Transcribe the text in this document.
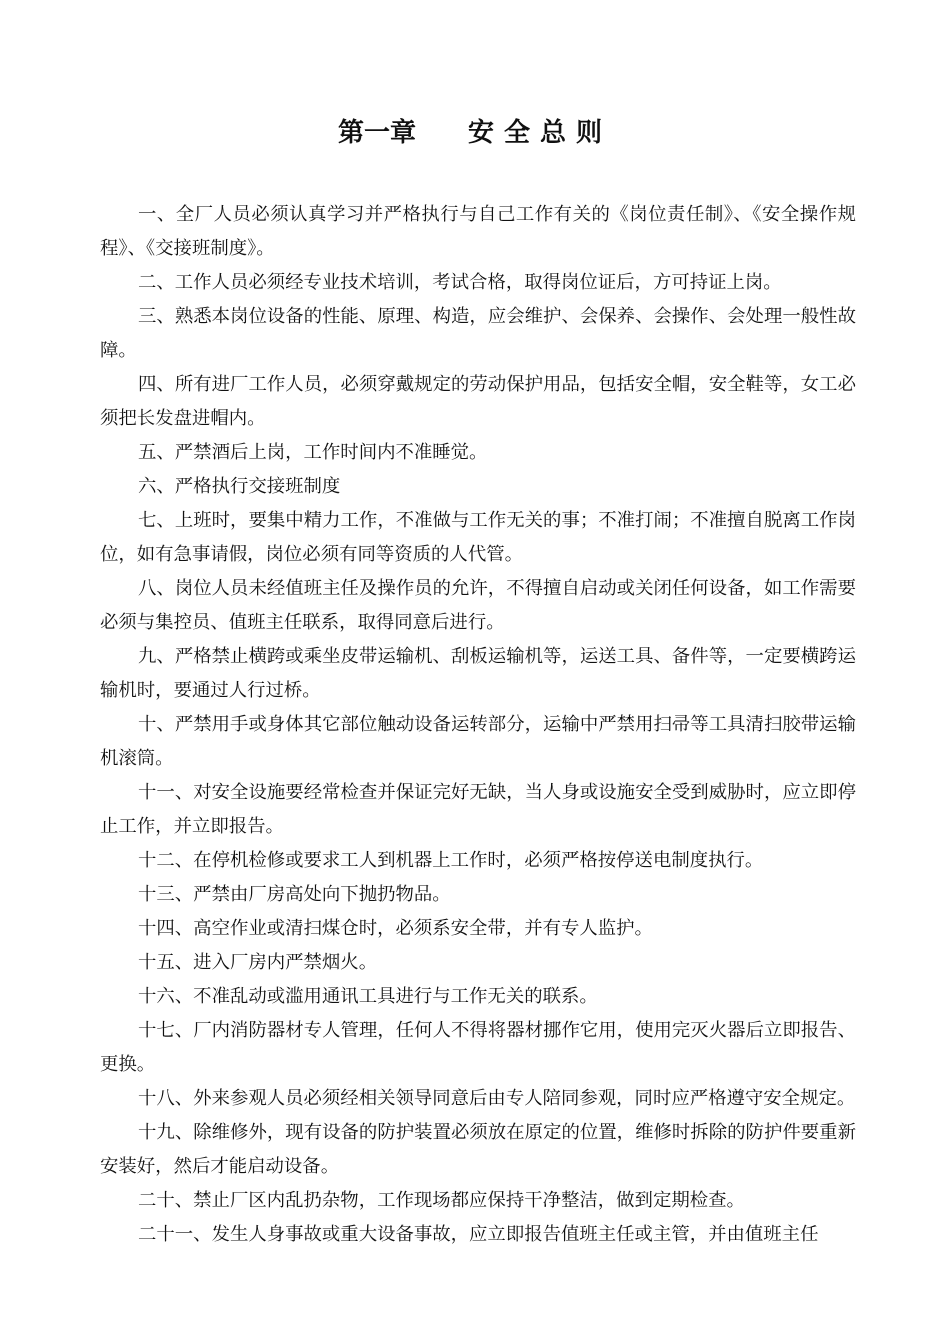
第一章 安全总则

一、全厂人员必须认真学习并严格执行与自己工作有关的《岗位责任制》、《安全操作规程》、《交接班制度》。

二、工作人员必须经专业技术培训，考试合格，取得岗位证后，方可持证上岗。

三、熟悉本岗位设备的性能、原理、构造，应会维护、会保养、会操作、会处理一般性故障。

四、所有进厂工作人员，必须穿戴规定的劳动保护用品，包括安全帽，安全鞋等，女工必须把长发盘进帽内。

五、严禁酒后上岗，工作时间内不准睡觉。

六、严格执行交接班制度

七、上班时，要集中精力工作，不准做与工作无关的事；不准打闹；不准擅自脱离工作岗位，如有急事请假，岗位必须有同等资质的人代管。

八、岗位人员未经值班主任及操作员的允许，不得擅自启动或关闭任何设备，如工作需要必须与集控员、值班主任联系，取得同意后进行。

九、严格禁止横跨或乘坐皮带运输机、刮板运输机等，运送工具、备件等，一定要横跨运输机时，要通过人行过桥。

十、严禁用手或身体其它部位触动设备运转部分，运输中严禁用扫帚等工具清扫胶带运输机滚筒。

十一、对安全设施要经常检查并保证完好无缺，当人身或设施安全受到威胁时，应立即停止工作，并立即报告。

十二、在停机检修或要求工人到机器上工作时，必须严格按停送电制度执行。

十三、严禁由厂房高处向下抛扔物品。

十四、高空作业或清扫煤仓时，必须系安全带，并有专人监护。

十五、进入厂房内严禁烟火。

十六、不准乱动或滥用通讯工具进行与工作无关的联系。

十七、厂内消防器材专人管理，任何人不得将器材挪作它用，使用完灭火器后立即报告、更换。

十八、外来参观人员必须经相关领导同意后由专人陪同参观，同时应严格遵守安全规定。

十九、除维修外，现有设备的防护装置必须放在原定的位置，维修时拆除的防护件要重新安装好，然后才能启动设备。

二十、禁止厂区内乱扔杂物，工作现场都应保持干净整洁，做到定期检查。

二十一、发生人身事故或重大设备事故，应立即报告值班主任或主管，并由值班主任
